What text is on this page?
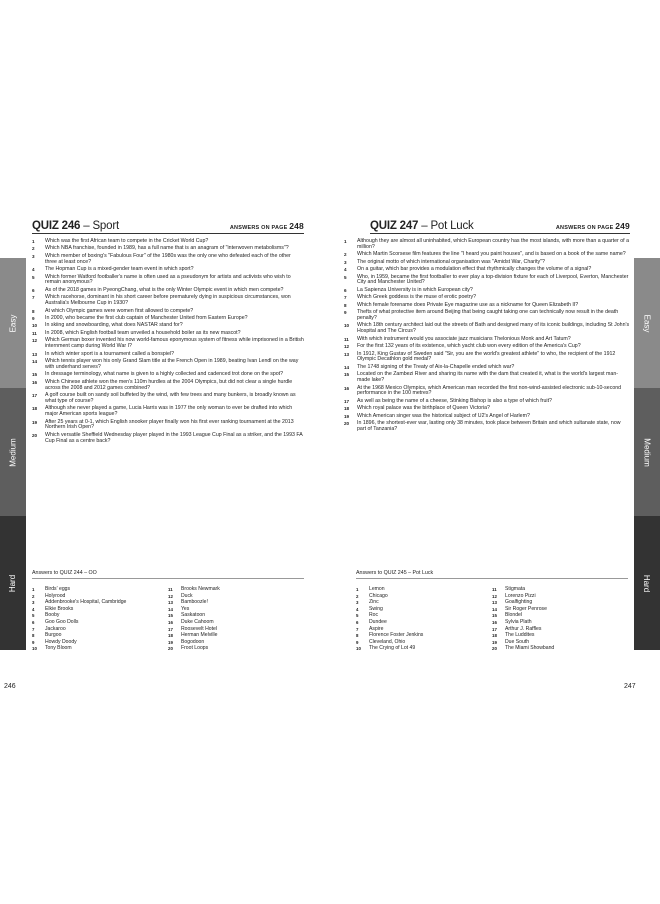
QUIZ 246 – Sport	ANSWERS ON PAGE 248
1	Which was the first African team to compete in the Cricket World Cup?
2	Which NBA franchise, founded in 1989, has a full name that is an anagram of "interwoven metabolisms"?
3	Which member of boxing's "Fabulous Four" of the 1980s was the only one who defeated each of the other three at least once?
4	The Hopman Cup is a mixed-gender team event in which sport?
5	Which former Watford footballer's name is often used as a pseudonym for artists and activists who wish to remain anonymous?
6	As of the 2018 games in PyeongChang, what is the only Winter Olympic event in which men compete?
7	Which racehorse, dominant in his short career before prematurely dying in suspicious circumstances, won Australia's Melbourne Cup in 1930?
8	At which Olympic games were women first allowed to compete?
9	In 2000, who became the first club captain of Manchester United from Eastern Europe?
10	In skiing and snowboarding, what does NASTAR stand for?
11	In 2008, which English football team unveiled a household boiler as its new mascot?
12	Which German boxer invented his now world-famous eponymous system of fitness while imprisoned in a British internment camp during World War I?
13	In which winter sport is a tournament called a bonspiel?
14	Which tennis player won his only Grand Slam title at the French Open in 1989, beating Ivan Lendl on the way with underhand serves?
15	In dressage terminology, what name is given to a highly collected and cadenced trot done on the spot?
16	Which Chinese athlete won the men's 110m hurdles at the 2004 Olympics, but did not clear a single hurdle across the 2008 and 2012 games combined?
17	A golf course built on sandy soil buffeted by the wind, with few trees and many bunkers, is broadly known as what type of course?
18	Although she never played a game, Lucia Harris was in 1977 the only woman to ever be drafted into which major American sports league?
19	After 25 years at 0-1, which English snooker player finally won his first ever ranking tournament at the 2013 Northern Irish Open?
20	Which versatile Sheffield Wednesday player played in the 1993 League Cup Final as a striker, and the 1993 FA Cup Final as a centre back?
Easy
Medium
Hard
Answers to QUIZ 244 – OO
1	Birds' eggs
2	Holyrood
3	Addenbrooke's Hospital, Cambridge
4	Elkie Brooks
5	Booby
6	Goo Goo Dolls
7	Jackaroo
8	Burgoo
9	Howdy Doody
10	Tony Bloom
11	Brooks Newmark
12	Duck
13	Bamboozle!
14	Yes
15	Saskatoon
16	Duke Cahoom
17	Roosevelt Hotel
18	Herman Melville
19	Bogodoon
20	Froot Loops
246
QUIZ 247 – Pot Luck	ANSWERS ON PAGE 249
1	Although they are almost all uninhabited, which European country has the most islands, with more than a quarter of a million?
2	Which Martin Scorsese film features the line "I heard you paint houses", and is based on a book of the same name?
3	The original motto of which international organisation was "Amidst War, Charity"?
4	On a guitar, which bar provides a modulation effect that rhythmically changes the volume of a signal?
5	Who, in 1959, became the first footballer to ever play a top-division fixture for each of Liverpool, Everton, Manchester City and Manchester United?
6	La Sapienza University is in which European city?
7	Which Greek goddess is the muse of erotic poetry?
8	Which female forename does Private Eye magazine use as a nickname for Queen Elizabeth II?
9	Thefts of what protective item around Beijing that being caught taking one can technically now result in the death penalty?
10	Which 18th century architect laid out the streets of Bath and designed many of its iconic buildings, including St John's Hospital and The Circus?
11	With which instrument would you associate jazz musicians Thelonious Monk and Art Tatum?
12	For the first 132 years of its existence, which yacht club won every edition of the America's Cup?
13	In 1912, King Gustav of Sweden said "Sir, you are the world's greatest athlete" to who, the recipient of the 1912 Olympic Decathlon gold medal?
14	The 1748 signing of the Treaty of Aix-la-Chapelle ended which war?
15	Located on the Zambezi River and sharing its name with the dam that created it, what is the world's largest man-made lake?
16	At the 1968 Mexico Olympics, which American man recorded the first non-wind-assisted electronic sub-10-second performance in the 100 metres?
17	As well as being the name of a cheese, Stinking Bishop is also a type of which fruit?
18	Which royal palace was the birthplace of Queen Victoria?
19	Which American singer was the historical subject of U2's Angel of Harlem?
20	In 1896, the shortest-ever war, lasting only 38 minutes, took place between Britain and which sultanate state, now part of Tanzania?
Easy
Medium
Hard
Answers to QUIZ 245 – Pot Luck
1	Lemon
2	Chicago
3	Zinc
4	Swing
5	Roc
6	Dundee
7	Aspire
8	Florence Foster Jenkins
9	Cleveland, Ohio
10	The Crying of Lot 49
11	Stigmata
12	Lorenzo Pizzi
13	Goalfighting
14	Sir Roger Penrose
15	Blondel
16	Sylvia Plath
17	Arthur J. Raffles
18	The Luddites
19	Due South
20	The Miami Showband
247
